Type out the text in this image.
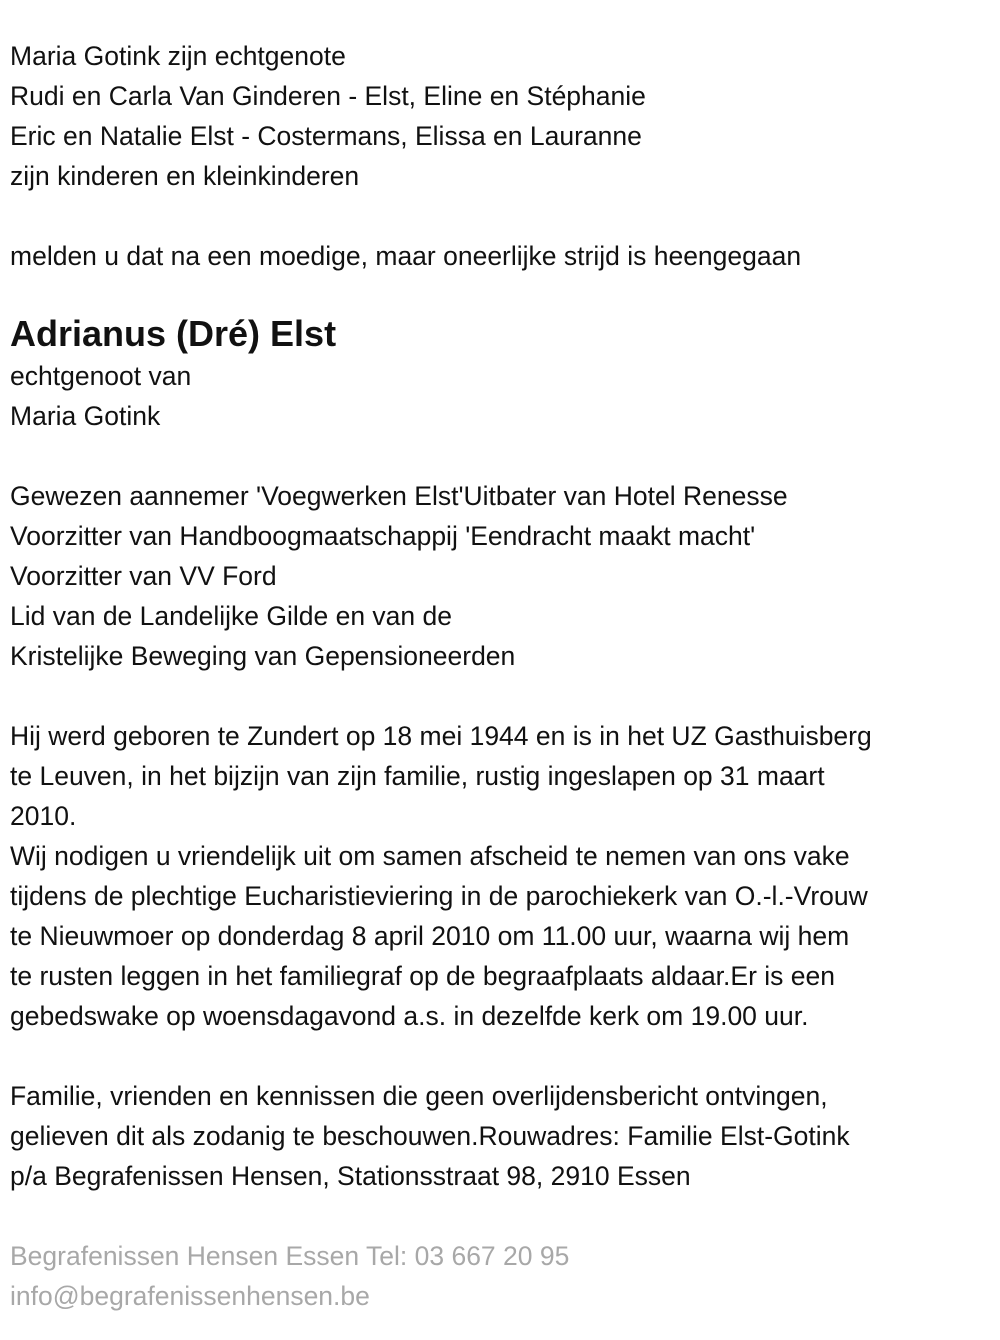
Maria Gotink zijn echtgenote
Rudi en Carla Van Ginderen - Elst, Eline en Stéphanie
Eric en Natalie Elst - Costermans, Elissa en Lauranne
zijn kinderen en kleinkinderen
melden u dat na een moedige, maar oneerlijke strijd is heengegaan
Adrianus (Dré) Elst
echtgenoot van
Maria Gotink
Gewezen aannemer 'Voegwerken Elst'Uitbater van Hotel Renesse
Voorzitter van Handboogmaatschappij 'Eendracht maakt macht'
Voorzitter van VV Ford
Lid van de Landelijke Gilde en van de
Kristelijke Beweging van Gepensioneerden
Hij werd geboren te Zundert op 18 mei 1944 en is in het UZ Gasthuisberg
te Leuven, in het bijzijn van zijn familie, rustig ingeslapen op 31 maart
2010.
Wij nodigen u vriendelijk uit om samen afscheid te nemen van ons vake
tijdens de plechtige Eucharistieviering in de parochiekerk van O.-l.-Vrouw
te Nieuwmoer op donderdag 8 april 2010 om 11.00 uur, waarna wij hem
te rusten leggen in het familiegraf op de begraafplaats aldaar.Er is een
gebedswake op woensdagavond a.s. in dezelfde kerk om 19.00 uur.
Familie, vrienden en kennissen die geen overlijdensbericht ontvingen,
gelieven dit als zodanig te beschouwen.Rouwadres: Familie Elst-Gotink
p/a Begrafenissen Hensen, Stationsstraat 98, 2910 Essen
Begrafenissen Hensen Essen Tel: 03 667 20 95
info@begrafenissenhensen.be
